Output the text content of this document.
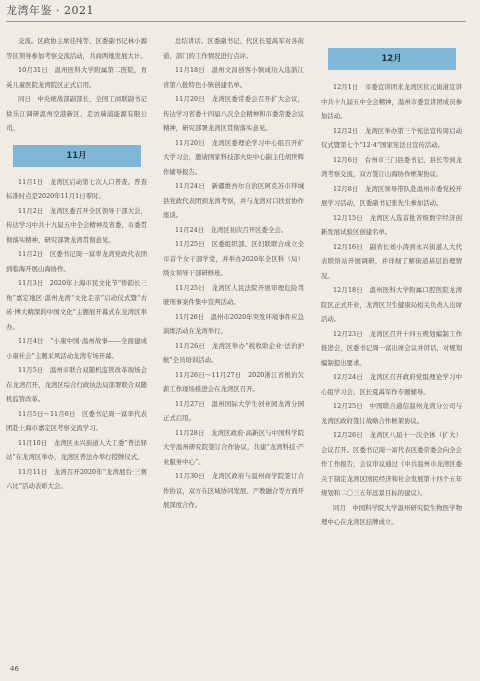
龙湾年鉴 · 2021

交流。区政协主席佳纯等、区委副书记林小源等区领导参加考察交流活动，共商两地发展大计。

10月31日　温州医科大学附属第二医院，育英儿童医院龙湾院区正式启用。

同日　中央统战部副部长、全国工商联副书记徐乐江调研温州空港新区、走访瑞浦能源有限公司。

11月

11月1日　龙湾区启动第七次人口普查。普查标准时点是2020年11月1日零时。

11月2日　龙湾区委召开全区领导干部大会，传达学习中共十九届五中全会精神及省委、市委贯彻落实精神，研究部署龙湾贯彻意见。

11月2日　区委书记周一富率龙湾党政代表团到临海开展山海协作。

11月3日　2020年上海市民文化节“侨韵长三角”嘉定地区·温州龙湾“文化走亲”启动仪式暨“古砖·博大精深的中国文化”主题展开幕式在龙湾区举办。

11月4日　“小康中国·温州故事——全面建成小康社会”主题采风活动龙湾专场开幕。

11月5日　温州市联合双随机监管改革现场会在龙湾召开，龙湾区综合行政执法局部署联合双随机监管改革。

11月5日～11月6日　区委书记周一富率代表团赴上海市嘉定区考察交流学习。

11月10日　龙湾区永兴街道人大工委“普法驿站”在龙湾区举办，龙湾区普法办举行授牌仪式。

11月11日　龙湾召开2020年“龙湾展台·三赛六比”活动表彰大会。

总结讲话。区委副书记、代区长夏禹军对各街道、部门的工作情况进行点评。

11月18日　温州文昌创客小镇成功入选浙江省第八批特色小镇创建名单。

11月20日　龙湾区委常委会召开扩大会议，传达学习省委十四届八次全会精神和市委常委会议精神，研究部署龙湾区贯彻落实意见。

11月20日　龙湾区委理论学习中心组召开扩大学习会，邀请国家科技部火炬中心副主任胡世辉作辅导报告。

11月24日　新疆维吾尔自治区阿克苏市拜城县党政代表团到龙湾考察，并与龙湾对口扶贫协作座谈。

11月24日　龙湾区初次召开区委全会。

11月25日　区委组织部、区妇联联合成立全市首个女干部学堂，并举办2020年全区科（局）级女领导干部研修班。

11月25日　龙湾区人民法院开展审理危险驾驶刑事案件集中宣判活动。

11月26日　温州市2020年突发环境事件应急演练活动在龙湾举行。

11月26日　龙湾区举办“税收助企业·法治护航”全员培训活动。

11月26日～11月27日　2020浙江省根治欠薪工作现场推进会在龙湾区召开。

11月27日　温州国际大学生创业园龙湾分园正式启用。

11月28日　龙湾区政府·高新区与中国科学院大学温州研究院签订合作协议，共建“龙湾科技·产业服务中心”。

11月30日　龙湾区政府与温州商学院签订合作协议，双方在区域协同发展、产教融合等方面开展深度合作。

12月

12月1日　市委宣讲团来龙湾区状元街道宣讲中共十九届五中全会精神，温州市委宣讲团成员参加活动。

12月2日　龙湾区举办第三个宪法宣传周启动仪式暨第七个“12·4”国家宪法日宣传活动。

12月6日　台州市三门县委书记、县长等到龙湾考察交流，双方签订山海协作框架协议。

12月8日　龙湾区领导带队赴温州市委党校开展学习活动，区委副书记张先生参加活动。

12月15日　龙湾区人选首批省级数字经济创新发展试验区创建名单。

12月16日　副省长刘小涛到永兴街道人大代表联络站开展调研，并详细了解街道基层治理情况。

12月18日　温州医科大学附属口腔医院龙湾院区正式开业，龙湾区卫生健康局相关负责人出席活动。

12月23日　龙湾区召开十四五规划编制工作推进会，区委书记周一富出席会议并讲话，对规划编制提出要求。

12月24日　龙湾区召开政府党组理论学习中心组学习会，区长夏禹军作专题辅导。

12月25日　中国联合通信温州龙湾分公司与龙湾区政府签订战略合作框架协议。

12月26日　龙湾区八届十一次全体（扩大）会议召开。区委书记周一富代表区委常委会向全会作工作报告，会议审议通过《中共温州市龙湾区委关于制定龙湾区国民经济和社会发展第十四个五年规划和二〇三五年远景目标的建议》。

同月　中国科学院大学温州研究院生物医学物理中心在龙湾区挂牌成立。

46
